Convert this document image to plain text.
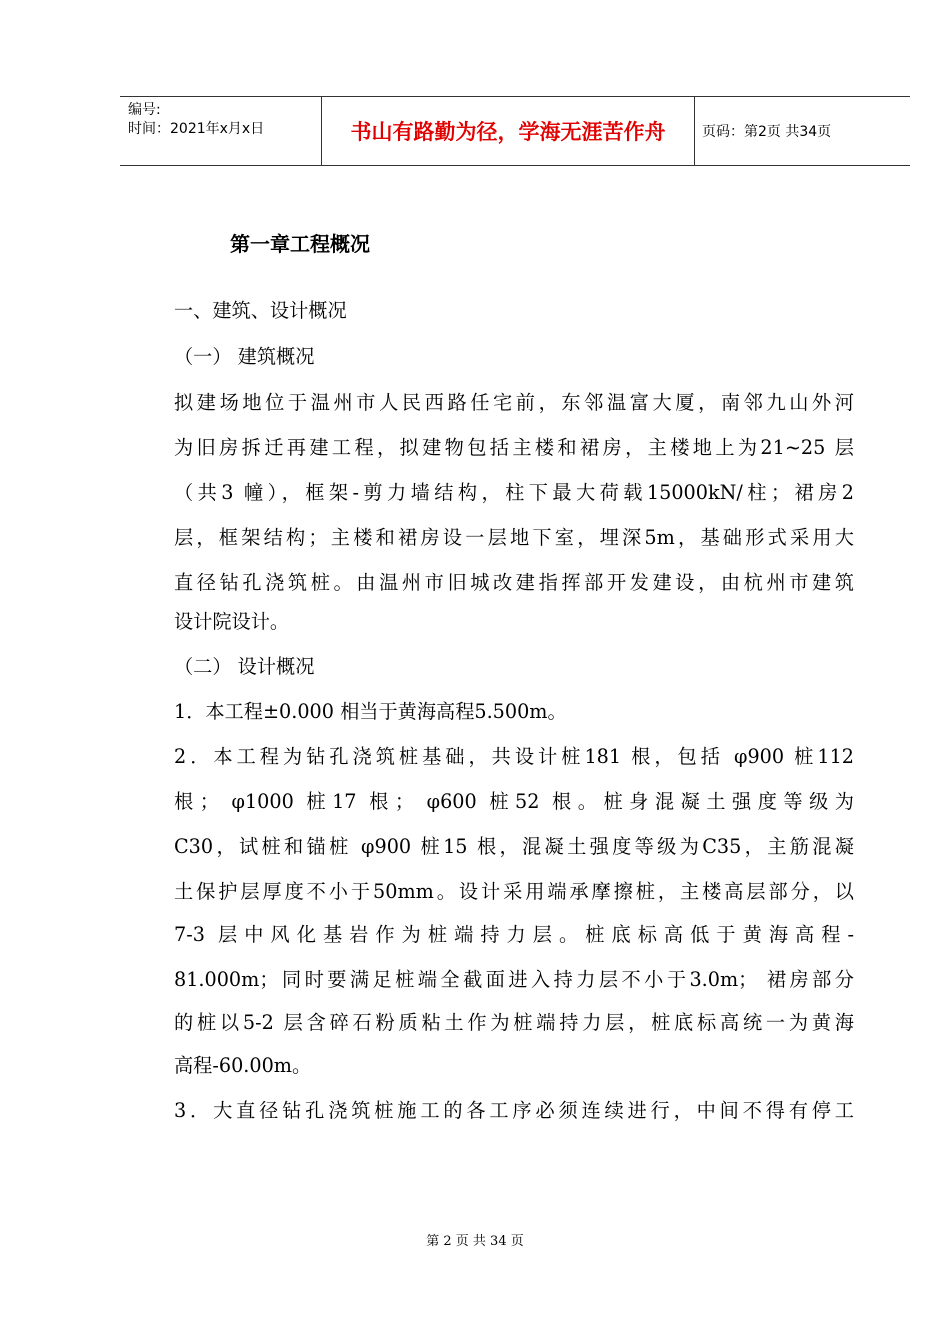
编号:
时间：2021年x月x日	书山有路勤为径，学海无涯苦作舟	页码：第2页 共34页
第一章工程概况
一、建筑、设计概况
（一） 建筑概况
拟建场地位于温州市人民西路任宅前，东邻温富大厦，南邻九山外河
为旧房拆迁再建工程，拟建物包括主楼和裙房，主楼地上为21~25 层
（共3 幢），框架-剪力墙结构，柱下最大荷载15000kN/柱；裙房2
层，框架结构；主楼和裙房设一层地下室，埋深5m，基础形式采用大
直径钻孔浇筑桩。由温州市旧城改建指挥部开发建设，由杭州市建筑
设计院设计。
（二） 设计概况
1．本工程±0.000 相当于黄海高程5.500m。
2．本工程为钻孔浇筑桩基础，共设计桩181 根，包括 φ900 桩112
根； φ1000 桩17 根； φ600 桩52 根。桩身混凝土强度等级为
C30，试桩和锚桩 φ900 桩15 根，混凝土强度等级为C35，主筋混凝
土保护层厚度不小于50mm。设计采用端承摩擦桩，主楼高层部分，以
7-3 层中风化基岩作为桩端持力层。桩底标高低于黄海高程-
81.000m；同时要满足桩端全截面进入持力层不小于3.0m； 裙房部分
的桩以5-2 层含碎石粉质粘土作为桩端持力层，桩底标高统一为黄海
高程-60.00m。
3．大直径钻孔浇筑桩施工的各工序必须连续进行，中间不得有停工
第 2 页 共 34 页
